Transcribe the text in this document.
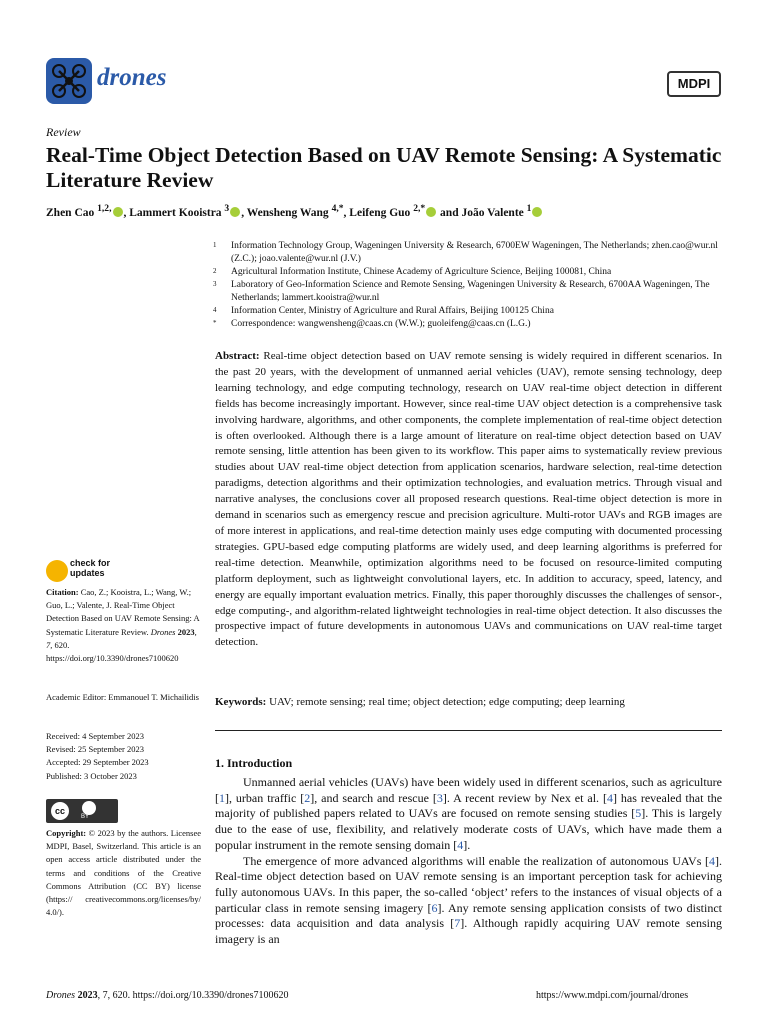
drones	MDPI
Review
Real-Time Object Detection Based on UAV Remote Sensing: A Systematic Literature Review
Zhen Cao $^{1,2,}$ , Lammert Kooistra $^3$ , Wensheng Wang $^{4,*}$, Leifeng Guo $^{2,*}$ and João Valente $^1$
1	Information Technology Group, Wageningen University & Research, 6700EW Wageningen, The Netherlands; zhen.cao@wur.nl (Z.C.); joao.valente@wur.nl (J.V.)
2	Agricultural Information Institute, Chinese Academy of Agriculture Science, Beijing 100081, China
3	Laboratory of Geo-Information Science and Remote Sensing, Wageningen University & Research, 6700AA Wageningen, The Netherlands; lammert.kooistra@wur.nl
4	Information Center, Ministry of Agriculture and Rural Affairs, Beijing 100125 China
*	Correspondence: wangwensheng@caas.cn (W.W.); guoleifeng@caas.cn (L.G.)
Abstract: Real-time object detection based on UAV remote sensing is widely required in different scenarios. In the past 20 years, with the development of unmanned aerial vehicles (UAV), remote sensing technology, deep learning technology, and edge computing technology, research on UAV real-time object detection in different fields has become increasingly important. However, since real-time UAV object detection is a comprehensive task involving hardware, algorithms, and other components, the complete implementation of real-time object detection is often overlooked. Although there is a large amount of literature on real-time object detection based on UAV remote sensing, little attention has been given to its workflow. This paper aims to systematically review previous studies about UAV real-time object detection from application scenarios, hardware selection, real-time detection paradigms, detection algorithms and their optimization technologies, and evaluation metrics. Through visual and narrative analyses, the conclusions cover all proposed research questions. Real-time object detection is more in demand in scenarios such as emergency rescue and precision agriculture. Multi-rotor UAVs and RGB images are of more interest in applications, and real-time detection mainly uses edge computing with documented processing strategies. GPU-based edge computing platforms are widely used, and deep learning algorithms is preferred for real-time detection. Meanwhile, optimization algorithms need to be focused on resource-limited computing platform deployment, such as lightweight convolutional layers, etc. In addition to accuracy, speed, latency, and energy are equally important evaluation metrics. Finally, this paper thoroughly discusses the challenges of sensor-, edge computing-, and algorithm-related lightweight technologies in real-time object detection. It also discusses the prospective impact of future developments in autonomous UAVs and communications on UAV real-time target detection.
Keywords: UAV; remote sensing; real time; object detection; edge computing; deep learning
1. Introduction

Unmanned aerial vehicles (UAVs) have been widely used in different scenarios, such as agriculture [1], urban traffic [2], and search and rescue [3]. A recent review by Nex et al. [4] has revealed that the majority of published papers related to UAVs are focused on remote sensing studies [5]. This is largely due to the ease of use, flexibility, and relatively moderate costs of UAVs, which have made them a popular instrument in the remote sensing domain [4].

The emergence of more advanced algorithms will enable the realization of autonomous UAVs [4]. Real-time object detection based on UAV remote sensing is an important perception task for achieving fully autonomous UAVs. In this paper, the so-called ‘object’ refers to the instances of visual objects of a particular class in remote sensing imagery [6]. Any remote sensing application consists of two distinct processes: data acquisition and data analysis [7]. Although rapidly acquiring UAV remote sensing imagery is an

check for
updates
Citation: Cao, Z.; Kooistra, L.; Wang, W.; Guo, L.; Valente, J. Real-Time Object Detection Based on UAV Remote Sensing: A Systematic Literature Review. Drones 2023, 7, 620. https://doi.org/10.3390/drones7100620
Academic Editor: Emmanouel T. Michailidis
Received: 4 September 2023
Revised: 25 September 2023
Accepted: 29 September 2023
Published: 3 October 2023
cc
BY
Copyright: © 2023 by the authors. Licensee MDPI, Basel, Switzerland. This article is an open access article distributed under the terms and conditions of the Creative Commons Attribution (CC BY) license (https:// creativecommons.org/licenses/by/ 4.0/).
Drones 2023, 7, 620. https://doi.org/10.3390/drones7100620	https://www.mdpi.com/journal/drones
